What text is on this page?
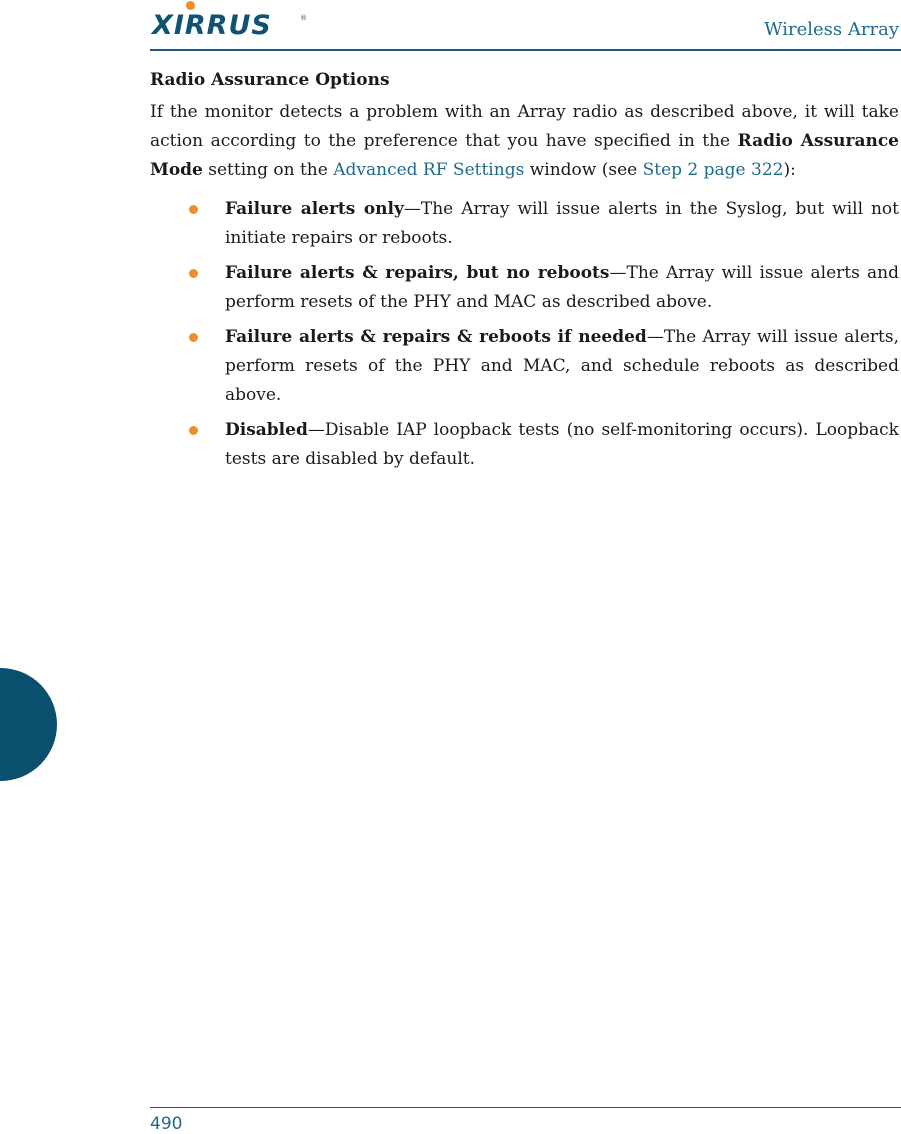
XIRRUS	®
Wireless Array
Radio Assurance Options

If the monitor detects a problem with an Array radio as described above, it will take action according to the preference that you have specified in the Radio Assurance Mode setting on the Advanced RF Settings window (see Step 2 page 322):

Failure alerts only—The Array will issue alerts in the Syslog, but will not initiate repairs or reboots.
Failure alerts & repairs, but no reboots—The Array will issue alerts and perform resets of the PHY and MAC as described above.
Failure alerts & repairs & reboots if needed—The Array will issue alerts, perform resets of the PHY and MAC, and schedule reboots as described above.
Disabled—Disable IAP loopback tests (no self-monitoring occurs). Loopback tests are disabled by default.
490
